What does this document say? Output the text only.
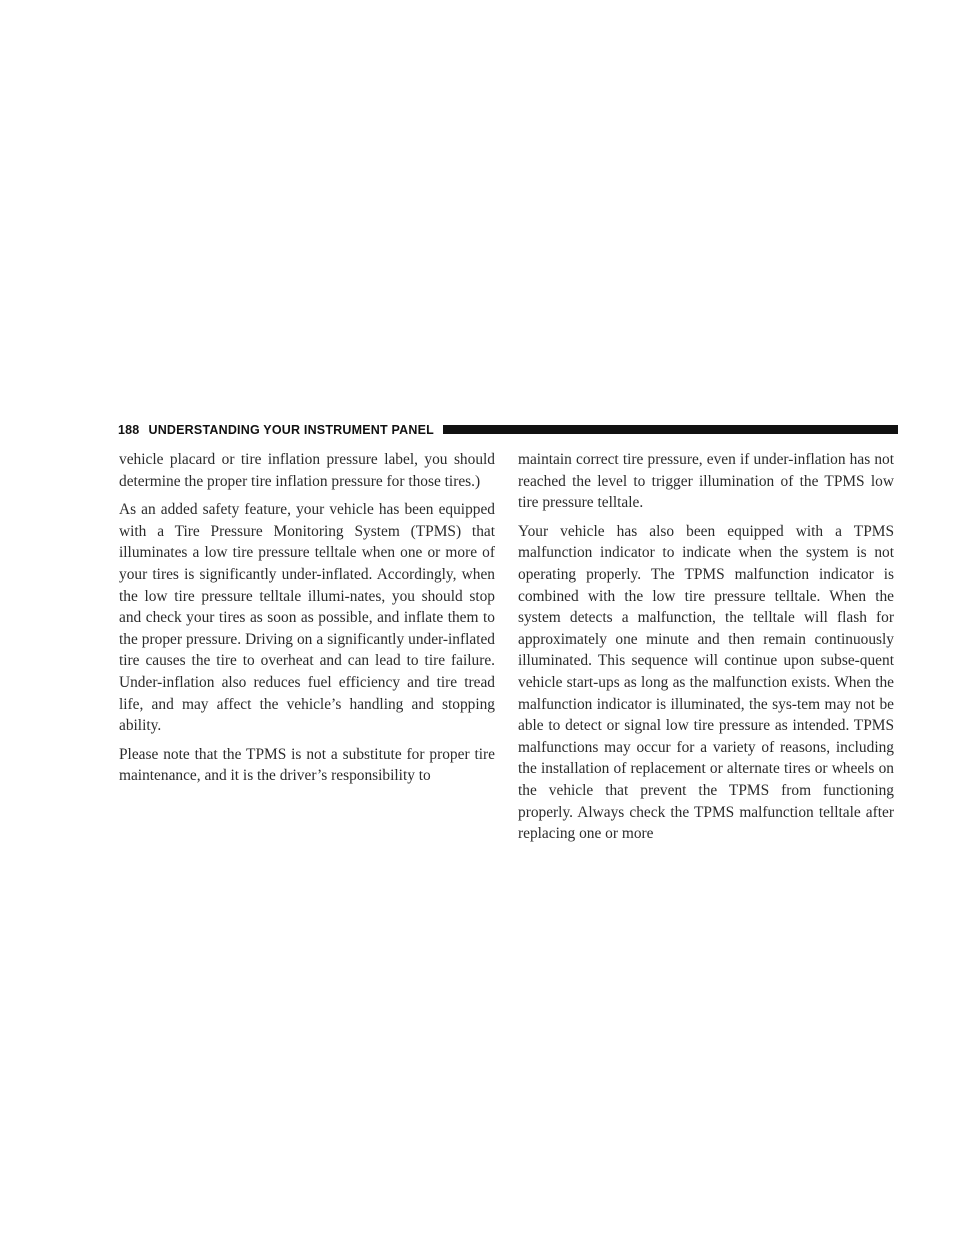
188 UNDERSTANDING YOUR INSTRUMENT PANEL

vehicle placard or tire inflation pressure label, you should determine the proper tire inflation pressure for those tires.)

As an added safety feature, your vehicle has been equipped with a Tire Pressure Monitoring System (TPMS) that illuminates a low tire pressure telltale when one or more of your tires is significantly under-inflated. Accordingly, when the low tire pressure telltale illumi-nates, you should stop and check your tires as soon as possible, and inflate them to the proper pressure. Driving on a significantly under-inflated tire causes the tire to overheat and can lead to tire failure. Under-inflation also reduces fuel efficiency and tire tread life, and may affect the vehicle’s handling and stopping ability.

Please note that the TPMS is not a substitute for proper tire maintenance, and it is the driver’s responsibility to

maintain correct tire pressure, even if under-inflation has not reached the level to trigger illumination of the TPMS low tire pressure telltale.

Your vehicle has also been equipped with a TPMS malfunction indicator to indicate when the system is not operating properly. The TPMS malfunction indicator is combined with the low tire pressure telltale. When the system detects a malfunction, the telltale will flash for approximately one minute and then remain continuously illuminated. This sequence will continue upon subse-quent vehicle start-ups as long as the malfunction exists. When the malfunction indicator is illuminated, the sys-tem may not be able to detect or signal low tire pressure as intended. TPMS malfunctions may occur for a variety of reasons, including the installation of replacement or alternate tires or wheels on the vehicle that prevent the TPMS from functioning properly. Always check the TPMS malfunction telltale after replacing one or more
